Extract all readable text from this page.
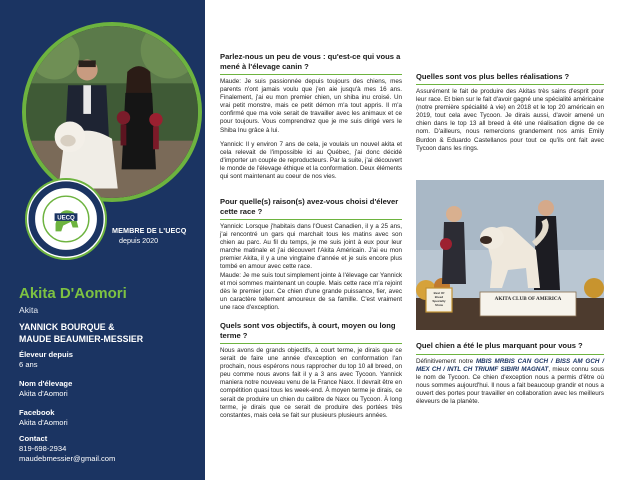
UECQ
MEMBRE DE L'UECQ
depuis 2020
Akita D'Aomori
Akita
YANNICK BOURQUE &
MAUDE BEAUMIER-MESSIER
Éleveur depuis
6 ans
Nom d'élevage
Akita d'Aomori
Facebook
Akita d'Aomori
Contact
819-698-2934
maudebmessier@gmail.com
Parlez-nous un peu de vous : qu'est-ce qui vous a mené à l'élevage canin ?
Maude: Je suis passionnée depuis toujours des chiens, mes parents n'ont jamais voulu que j'en aie jusqu'à mes 16 ans. Finalement, j'ai eu mon premier chien, un shiba inu croisé. Un vrai petit monstre, mais ce petit démon m'a tout appris. Il m'a confirmé que ma voie serait de travailler avec les animaux et ce pour toujours. Vous comprendrez que je me suis dirigé vers le Shiba Inu grâce à lui.
Yannick: Il y environ 7 ans de cela, je voulais un nouvel akita et cela relevait de l'impossible ici au Québec, j'ai donc décidé d'importer un couple de reproducteurs. Par la suite, j'ai découvert le monde de l'élevage éthique et la conformation. Deux éléments qui sont maintenant au coeur de nos vies.
Pour quelle(s) raison(s) avez-vous choisi d'élever cette race ?
Yannick: Lorsque j'habitais dans l'Ouest Canadien, il y a 25 ans, j'ai rencontré un gars qui marchait tous les matins avec son chien au parc. Au fil du temps, je me suis joint à eux pour leur marche matinale et j'ai découvert l'Akita Américain. J'ai eu mon premier Akita, il y a une vingtaine d'année et je suis encore plus tombé en amour avec cette race.
Maude: Je me suis tout simplement jointe à l'élevage car Yannick et moi sommes maintenant un couple. Mais cette race m'a rejoint dès le premier jour. Ce chien d'une grande puissance, fier, avec un caractère tellement amoureux de sa famille. C'est vraiment une race d'exception.
Quels sont vos objectifs, à court, moyen ou long terme ?
Nous avons de grands objectifs, à court terme, je dirais que ce serait de faire une année d'exception en conformation l'an prochain, nous espérons nous rapprocher du top 10 all breed, on peu comme nous avons fait il y a 3 ans avec Tycoon. Yannick maniera notre nouveau venu de la France Naxx. Il devrait être en compétition quasi tous les week-end. À moyen terme je dirais, ce serait de produire un chien du calibre de Naxx ou Tycoon. À long terme, je dirais que ce serait de produire des portées très constantes, mais cela se fait sur plusieurs plusieurs années.
Quelles sont vos plus belles réalisations ?
Assurément le fait de produire des Akitas très sains d'esprit pour leur race. Et bien sur le fait d'avoir gagné une spécialité américaine (notre première spécialité à vie) en 2018 et le top 20 américain en 2019, tout cela avec Tycoon. Je dirais aussi, d'avoir amené un chien dans le top 13 all breed à été une réalisation digne de ce nom. D'ailleurs, nous remercions grandement nos amis Emily Burdon & Eduardo Castellanos pour tout ce qu'ils ont fait avec Tycoon dans les rings.
Best Of
Breed
Specialty
Show
AKITA CLUB OF AMERICA
Quel chien a été le plus marquant pour vous ?
Définitivement notre MBIS MRBIS CAN GCH / BISS AM GCH / MEX CH / INTL CH TRIUMF SIBIRI MAGNAT, mieux connu sous le nom de Tycoon. Ce chien d'exception nous a permis d'être où nous sommes aujourd'hui. Il nous a fait beaucoup grandir et nous a ouvert des portes pour travailler en collaboration avec les meilleurs éleveurs de la planète.
